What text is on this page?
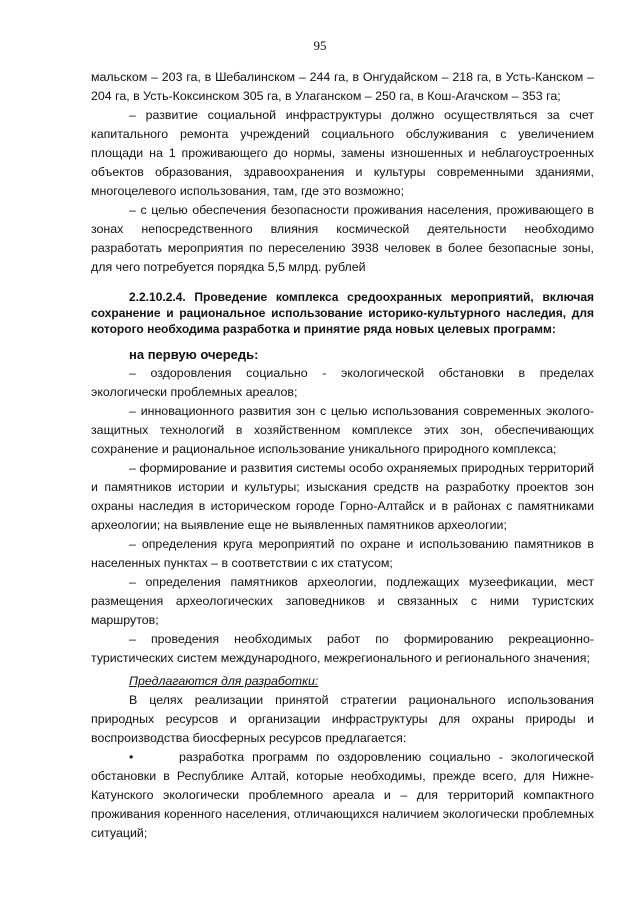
95

мальском – 203 га, в Шебалинском – 244 га, в Онгудайском – 218 га, в Усть-Канском – 204 га, в Усть-Коксинском 305 га, в Улаганском – 250 га, в Кош-Агачском – 353 га;

– развитие социальной инфраструктуры должно осуществляться за счет капитального ремонта учреждений социального обслуживания с увеличением площади на 1 проживающего до нормы, замены изношенных и неблагоустроенных объектов образования, здравоохранения и культуры современными зданиями, многоцелевого использования, там, где это возможно;

– с целью обеспечения безопасности проживания населения, проживающего в зонах непосредственного влияния космической деятельности необходимо разработать мероприятия по переселению 3938 человек в более безопасные зоны, для чего потребуется порядка 5,5 млрд. рублей

2.2.10.2.4. Проведение комплекса средоохранных мероприятий, включая сохранение и рациональное использование историко-культурного наследия, для которого необходима разработка и принятие ряда новых целевых программ:

на первую очередь:

– оздоровления социально - экологической обстановки в пределах экологически проблемных ареалов;

– инновационного развития зон с целью использования современных экологозащитных технологий в хозяйственном комплексе этих зон, обеспечивающих сохранение и рациональное использование уникального природного комплекса;

– формирование и развития системы особо охраняемых природных территорий и памятников истории и культуры; изыскания средств на разработку проектов зон охраны наследия в историческом городе Горно-Алтайск и в районах с памятниками археологии; на выявление еще не выявленных памятников археологии;

– определения круга мероприятий по охране и использованию памятников в населенных пунктах – в соответствии с их статусом;

– определения памятников археологии, подлежащих музеефикации, мест размещения археологических заповедников и связанных с ними туристских маршрутов;

– проведения необходимых работ по формированию рекреационно-туристических систем международного, межрегионального и регионального значения;

Предлагаются для разработки:

В целях реализации принятой стратегии рационального использования природных ресурсов и организации инфраструктуры для охраны природы и воспроизводства биосферных ресурсов предлагается:

•	разработка программ по оздоровлению социально - экологической обстановки в Республике Алтай, которые необходимы, прежде всего, для Нижне-Катунского экологически проблемного ареала и – для территорий компактного проживания коренного населения, отличающихся наличием экологически проблемных ситуаций;
